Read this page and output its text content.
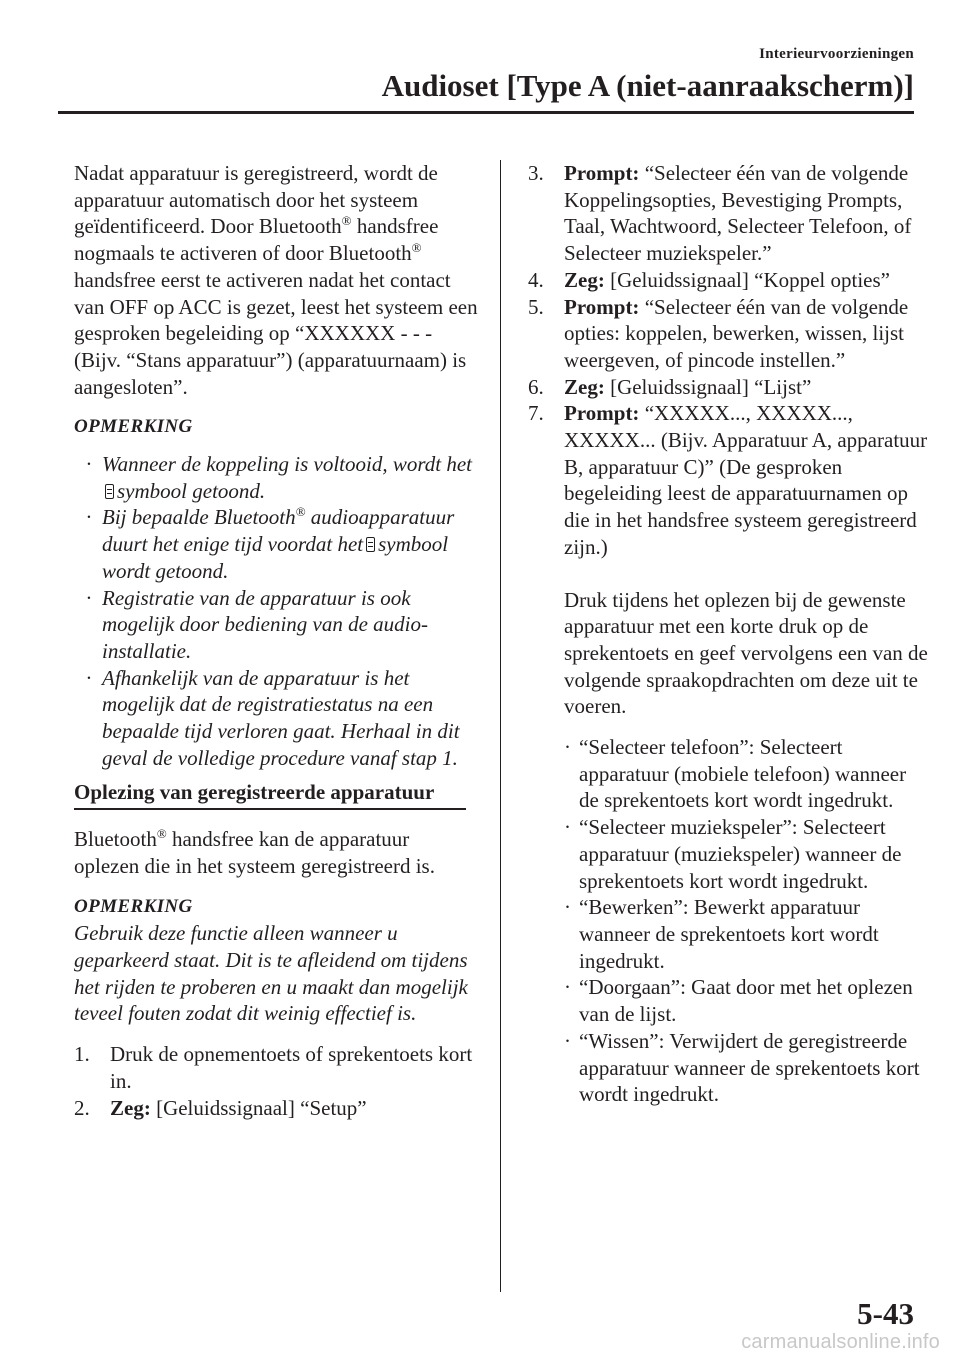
Interieurvoorzieningen
Audioset [Type A (niet-aanraakscherm)]

Nadat apparatuur is geregistreerd, wordt de apparatuur automatisch door het systeem geïdentificeerd. Door Bluetooth® handsfree nogmaals te activeren of door Bluetooth® handsfree eerst te activeren nadat het contact van OFF op ACC is gezet, leest het systeem een gesproken begeleiding op “XXXXXX - - - (Bijv. “Stans apparatuur”) (apparatuurnaam) is aangesloten”.

OPMERKING
· Wanneer de koppeling is voltooid, wordt hetsymbool getoond.
· Bij bepaalde Bluetooth® audioapparatuur duurt het enige tijd voordat het symbool wordt getoond.
· Registratie van de apparatuur is ook mogelijk door bediening van de audio-installatie.
· Afhankelijk van de apparatuur is het mogelijk dat de registratiestatus na een bepaalde tijd verloren gaat. Herhaal in dit geval de volledige procedure vanaf stap 1.
Oplezing van geregistreerde apparatuur

Bluetooth® handsfree kan de apparatuur oplezen die in het systeem geregistreerd is.

OPMERKING

Gebruik deze functie alleen wanneer u geparkeerd staat. Dit is te afleidend om tijdens het rijden te proberen en u maakt dan mogelijk teveel fouten zodat dit weinig effectief is.

1. Druk de opnementoets of sprekentoets kort in.
2. Zeg: [Geluidssignaal] “Setup”
3. Prompt: “Selecteer één van de volgende Koppelingsopties, Bevestiging Prompts, Taal, Wachtwoord, Selecteer Telefoon, of Selecteer muziekspeler.”
4. Zeg: [Geluidssignaal] “Koppel opties”
5. Prompt: “Selecteer één van de volgende opties: koppelen, bewerken, wissen, lijst weergeven, of pincode instellen.”
6. Zeg: [Geluidssignaal] “Lijst”
7. Prompt: “XXXXX..., XXXXX..., XXXXX... (Bijv. Apparatuur A, apparatuur B, apparatuur C)” (De gesproken begeleiding leest de apparatuurnamen op die in het handsfree systeem geregistreerd zijn.)

Druk tijdens het oplezen bij de gewenste apparatuur met een korte druk op de sprekentoets en geef vervolgens een van de volgende spraakopdrachten om deze uit te voeren.

· “Selecteer telefoon”: Selecteert apparatuur (mobiele telefoon) wanneer de sprekentoets kort wordt ingedrukt.
· “Selecteer muziekspeler”: Selecteert apparatuur (muziekspeler) wanneer de sprekentoets kort wordt ingedrukt.
· “Bewerken”: Bewerkt apparatuur wanneer de sprekentoets kort wordt ingedrukt.
· “Doorgaan”: Gaat door met het oplezen van de lijst.
· “Wissen”: Verwijdert de geregistreerde apparatuur wanneer de sprekentoets kort wordt ingedrukt.
5-43
carmanualsonline.info
